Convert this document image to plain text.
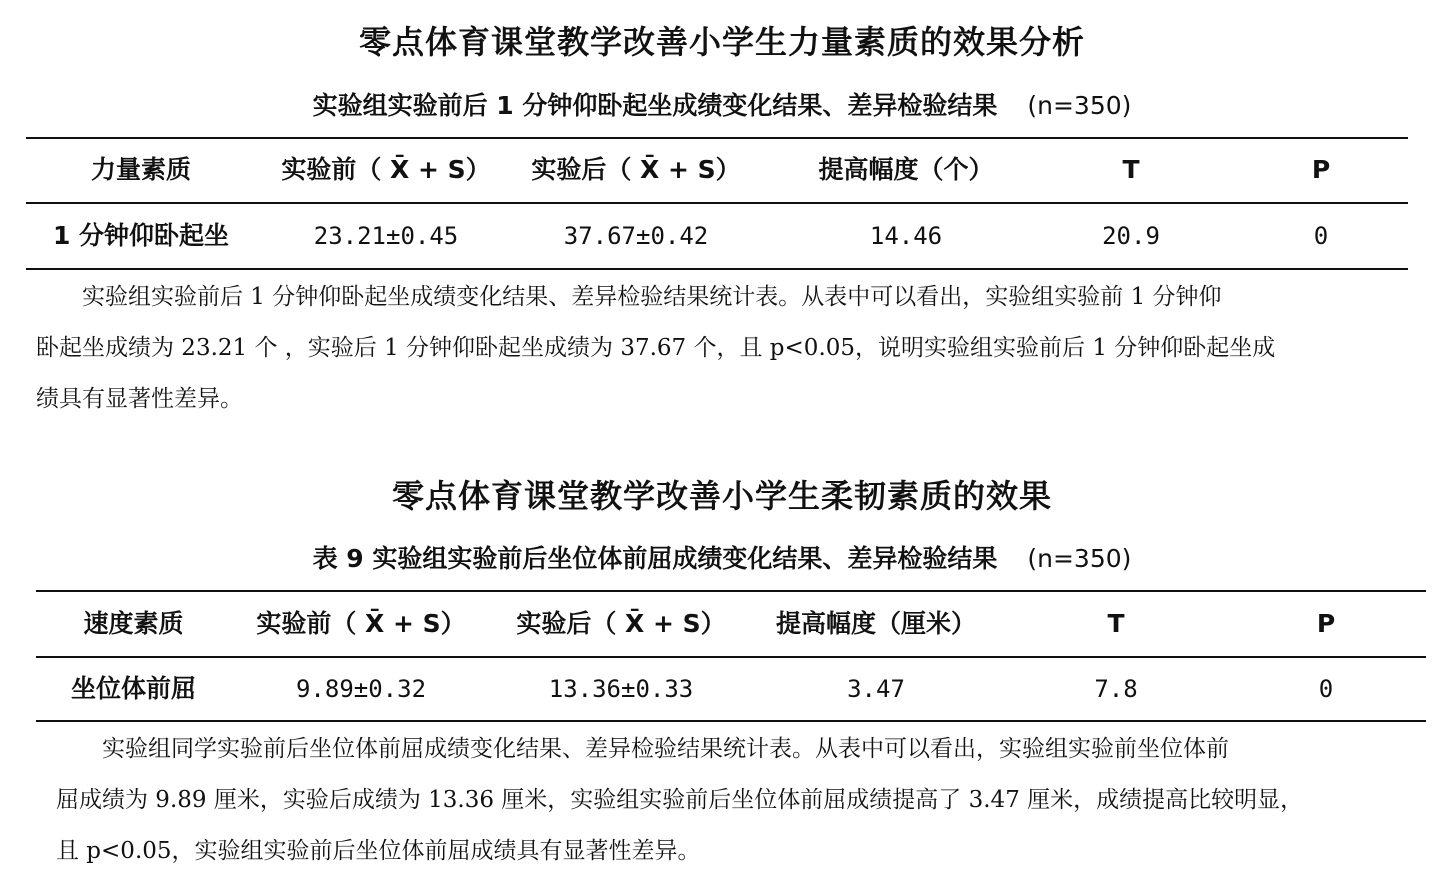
零点体育课堂教学改善小学生力量素质的效果分析
实验组实验前后 1 分钟仰卧起坐成绩变化结果、差异检验结果 (n=350)
力量素质	实验前（ X̄ + S）	实验后（ X̄ + S）	提高幅度（个）	T	P
1 分钟仰卧起坐	23.21±0.45	37.67±0.42	14.46	20.9	0
实验组实验前后 1 分钟仰卧起坐成绩变化结果、差异检验结果统计表。从表中可以看出，实验组实验前 1 分钟仰
卧起坐成绩为 23.21 个 ，实验后 1 分钟仰卧起坐成绩为 37.67 个，且 p<0.05，说明实验组实验前后 1 分钟仰卧起坐成
绩具有显著性差异。
零点体育课堂教学改善小学生柔韧素质的效果
表 9 实验组实验前后坐位体前屈成绩变化结果、差异检验结果 (n=350)
速度素质	实验前（ X̄ + S）	实验后（ X̄ + S）	提高幅度（厘米）	T	P
坐位体前屈	9.89±0.32	13.36±0.33	3.47	7.8	0
实验组同学实验前后坐位体前屈成绩变化结果、差异检验结果统计表。从表中可以看出，实验组实验前坐位体前
屈成绩为 9.89 厘米，实验后成绩为 13.36 厘米，实验组实验前后坐位体前屈成绩提高了 3.47 厘米，成绩提高比较明显，
且 p<0.05，实验组实验前后坐位体前屈成绩具有显著性差异。
